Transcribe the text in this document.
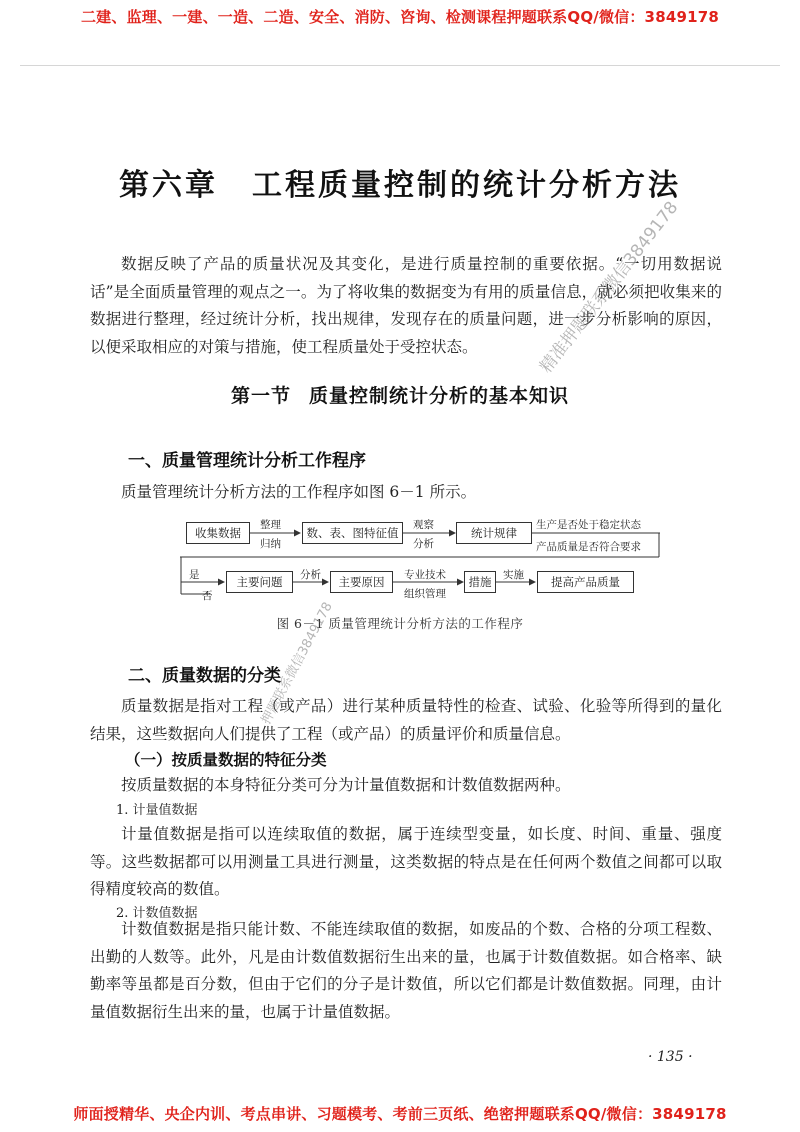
二建、监理、一建、一造、二造、安全、消防、咨询、检测课程押题联系QQ/微信：3849178
第六章 工程质量控制的统计分析方法

数据反映了产品的质量状况及其变化，是进行质量控制的重要依据。“一切用数据说话”是全面质量管理的观点之一。为了将收集的数据变为有用的质量信息，就必须把收集来的数据进行整理，经过统计分析，找出规律，发现存在的质量问题，进一步分析影响的原因，以便采取相应的对策与措施，使工程质量处于受控状态。

第一节 质量控制统计分析的基本知识
一、质量管理统计分析工作程序

质量管理统计分析方法的工作程序如图 6－1 所示。

收集数据
整理
归纳
数、表、图特征值
观察
分析
统计规律
生产是否处于稳定状态
产品质量是否符合要求
是
否
主要问题	分析	主要原因	专业技术
组织管理
措施	实施	提高产品质量
图 6－1 质量管理统计分析方法的工作程序
二、质量数据的分类

质量数据是指对工程（或产品）进行某种质量特性的检查、试验、化验等所得到的量化结果，这些数据向人们提供了工程（或产品）的质量评价和质量信息。

（一）按质量数据的特征分类

按质量数据的本身特征分类可分为计量值数据和计数值数据两种。

1. 计量值数据

计量值数据是指可以连续取值的数据，属于连续型变量，如长度、时间、重量、强度等。这些数据都可以用测量工具进行测量，这类数据的特点是在任何两个数值之间都可以取得精度较高的数值。

2. 计数值数据

计数值数据是指只能计数、不能连续取值的数据，如废品的个数、合格的分项工程数、出勤的人数等。此外，凡是由计数值数据衍生出来的量，也属于计数值数据。如合格率、缺勤率等虽都是百分数，但由于它们的分子是计数值，所以它们都是计数值数据。同理，由计量值数据衍生出来的量，也属于计量值数据。

· 135 ·
精准押题联系微信3849178
押题联系微信3849178
师面授精华、央企内训、考点串讲、习题模考、考前三页纸、绝密押题联系QQ/微信：3849178
